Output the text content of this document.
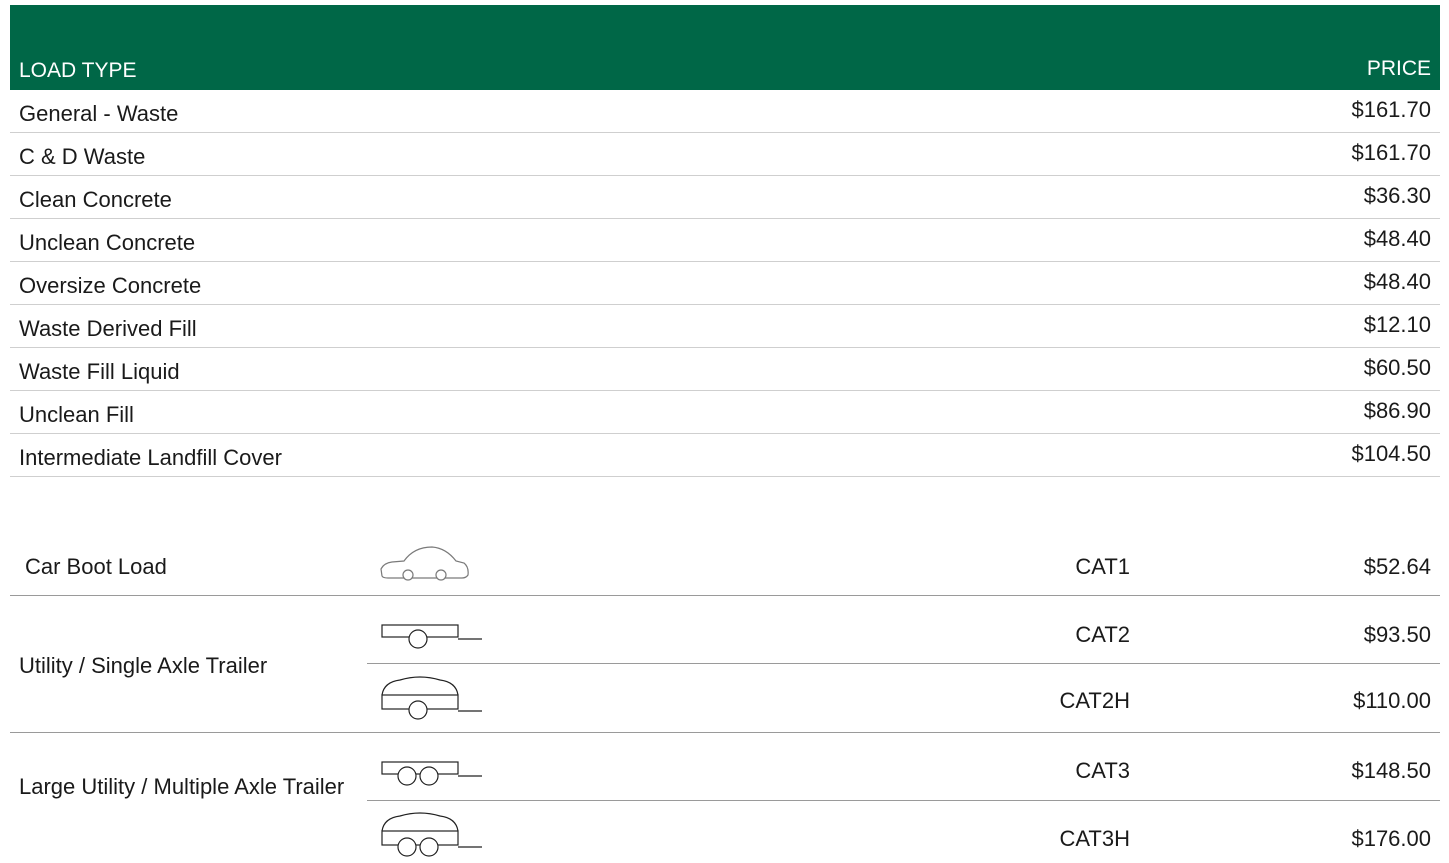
LOAD TYPE	PRICE
General - Waste	$161.70
C & D Waste	$161.70
Clean Concrete	$36.30
Unclean Concrete	$48.40
Oversize Concrete	$48.40
Waste Derived Fill	$12.10
Waste Fill Liquid	$60.50
Unclean Fill	$86.90
Intermediate Landfill Cover	$104.50
Car Boot Load	CAT1	$52.64
Utility / Single Axle Trailer
CAT2	$93.50
CAT2H	$110.00
Large Utility / Multiple Axle Trailer
CAT3	$148.50
CAT3H	$176.00
